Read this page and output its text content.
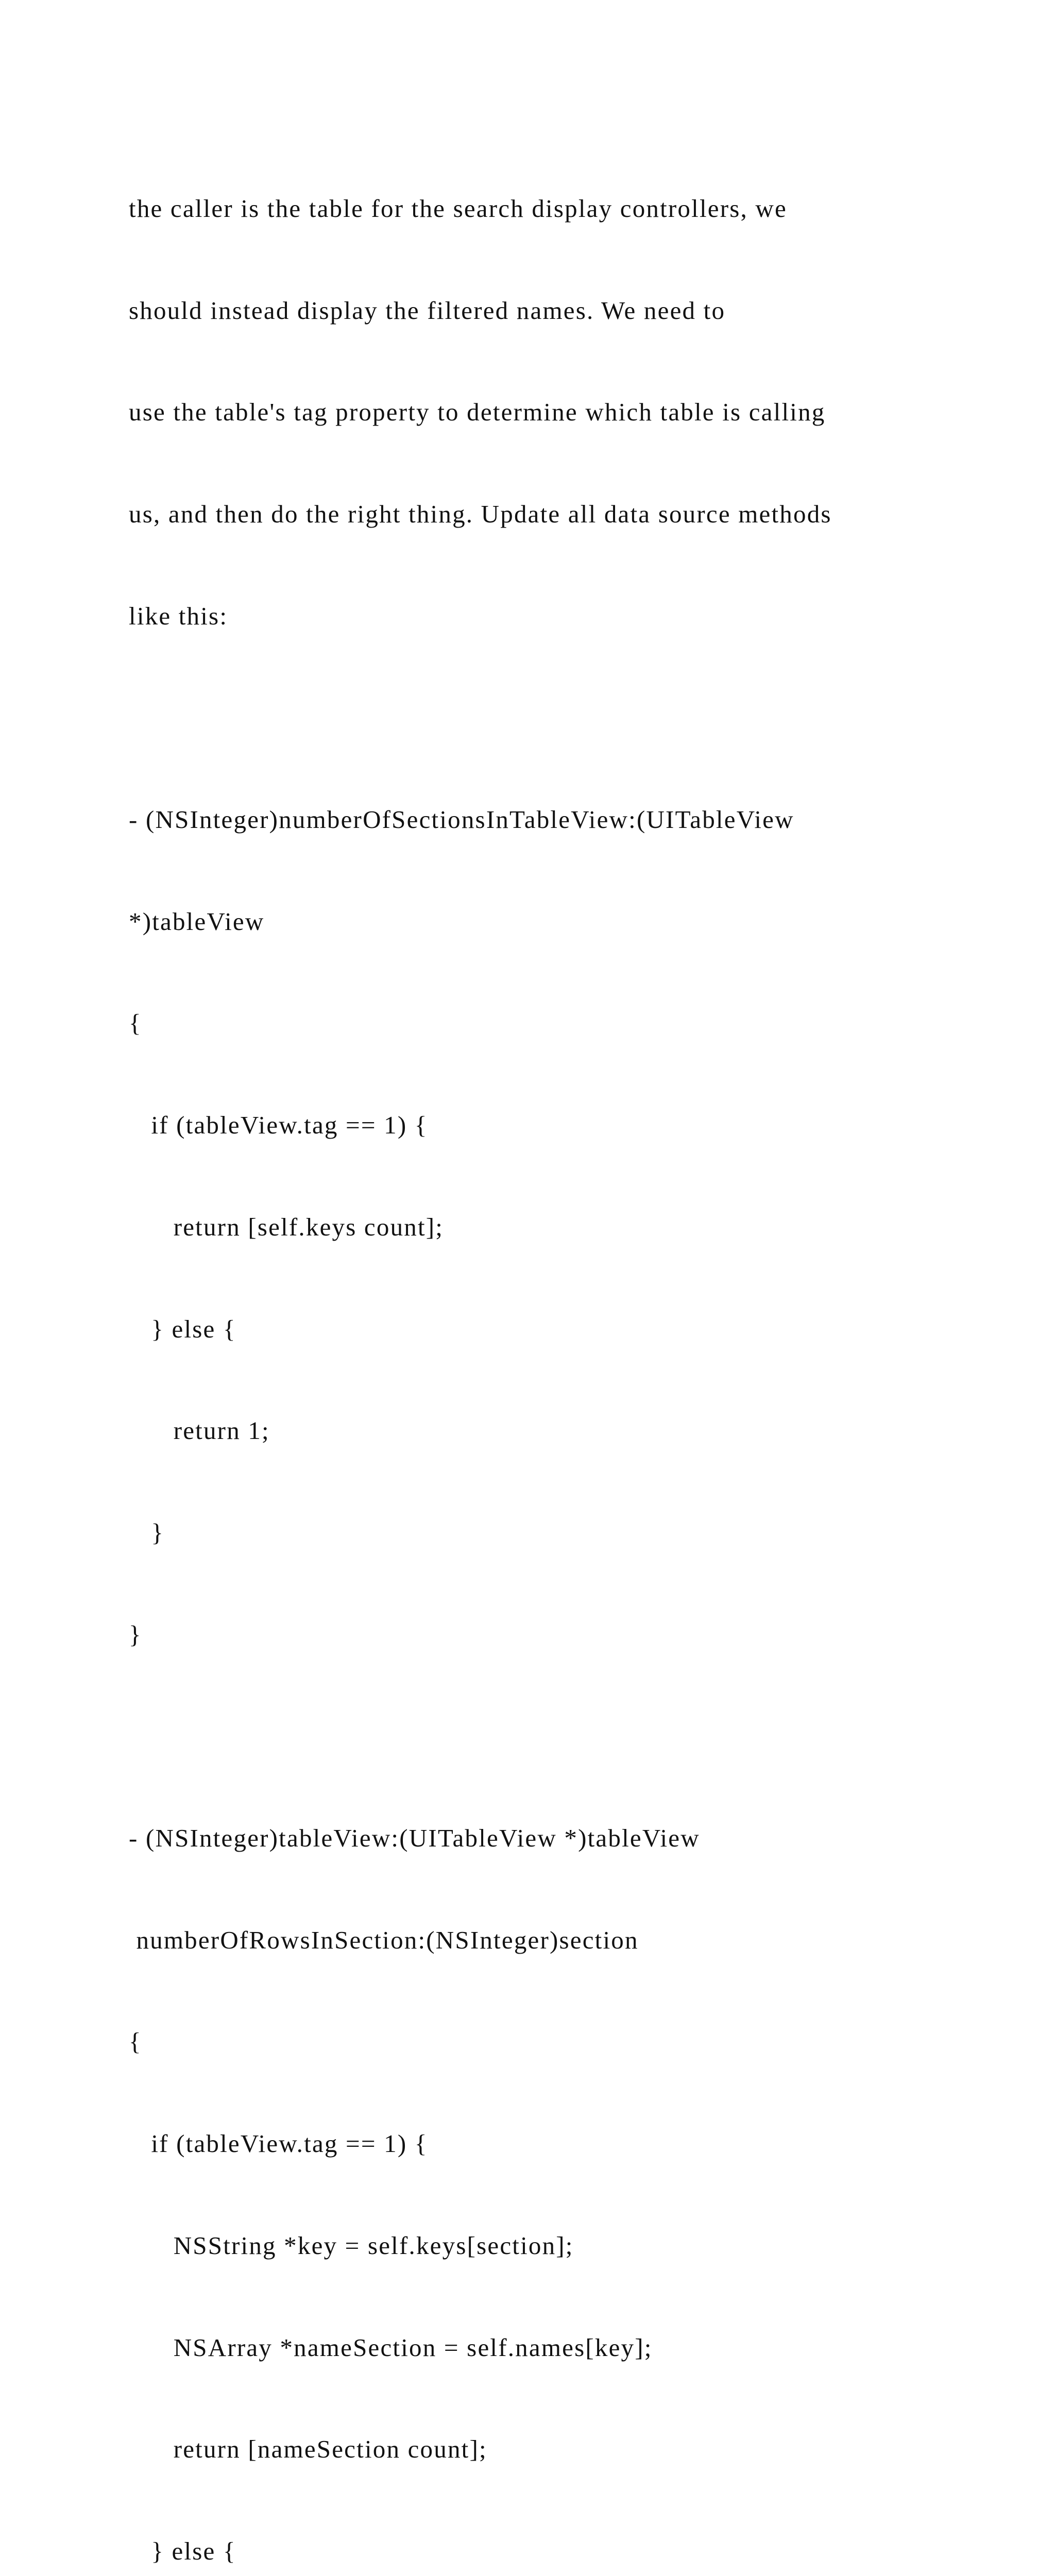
the caller is the table for the search display controllers, we

should instead display the filtered names. We need to

use the table's tag property to determine which table is calling

us, and then do the right thing. Update all data source methods

like this:

- (NSInteger)numberOfSectionsInTableView:(UITableView

*)tableView

{

if (tableView.tag == 1) {

return [self.keys count];

} else {

return 1;

}

}

- (NSInteger)tableView:(UITableView *)tableView

numberOfRowsInSection:(NSInteger)section

{

if (tableView.tag == 1) {

NSString *key = self.keys[section];

NSArray *nameSection = self.names[key];

return [nameSection count];

} else {
